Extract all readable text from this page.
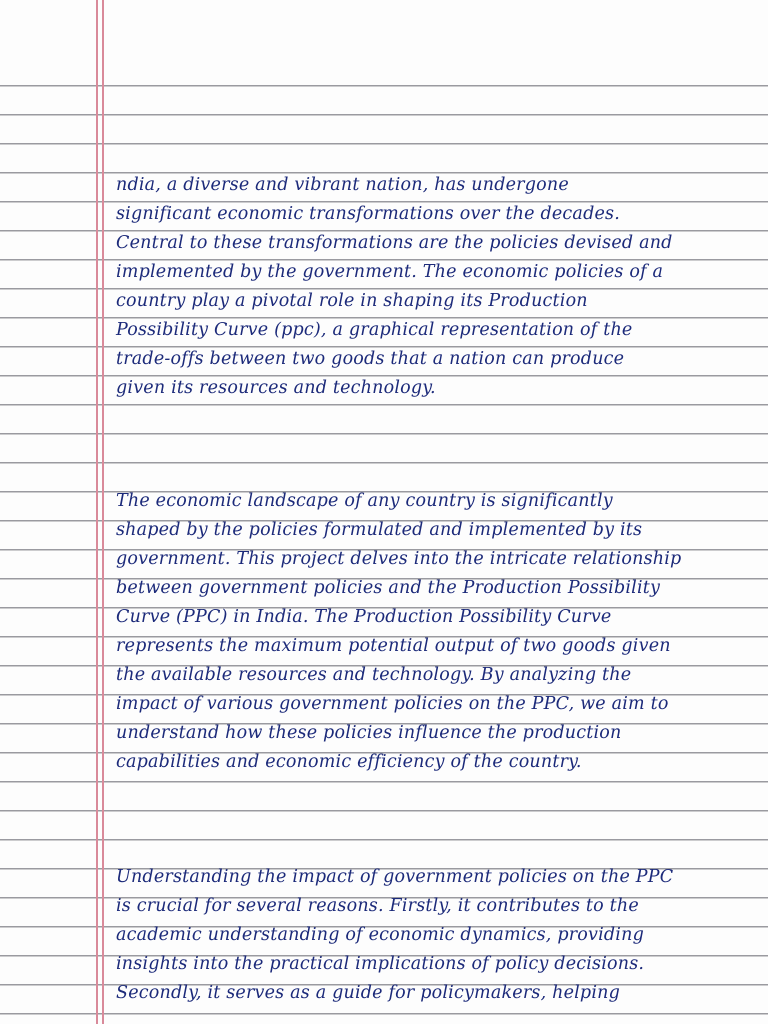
ndia, a diverse and vibrant nation, has undergone
significant economic transformations over the decades.
Central to these transformations are the policies devised and
implemented by the government. The economic policies of a
country play a pivotal role in shaping its Production
Possibility Curve (ppc), a graphical representation of the
trade-offs between two goods that a nation can produce
given its resources and technology.
The economic landscape of any country is significantly
shaped by the policies formulated and implemented by its
government. This project delves into the intricate relationship
between government policies and the Production Possibility
Curve (PPC) in India. The Production Possibility Curve
represents the maximum potential output of two goods given
the available resources and technology. By analyzing the
impact of various government policies on the PPC, we aim to
understand how these policies influence the production
capabilities and economic efficiency of the country.
Understanding the impact of government policies on the PPC
is crucial for several reasons. Firstly, it contributes to the
academic understanding of economic dynamics, providing
insights into the practical implications of policy decisions.
Secondly, it serves as a guide for policymakers, helping
